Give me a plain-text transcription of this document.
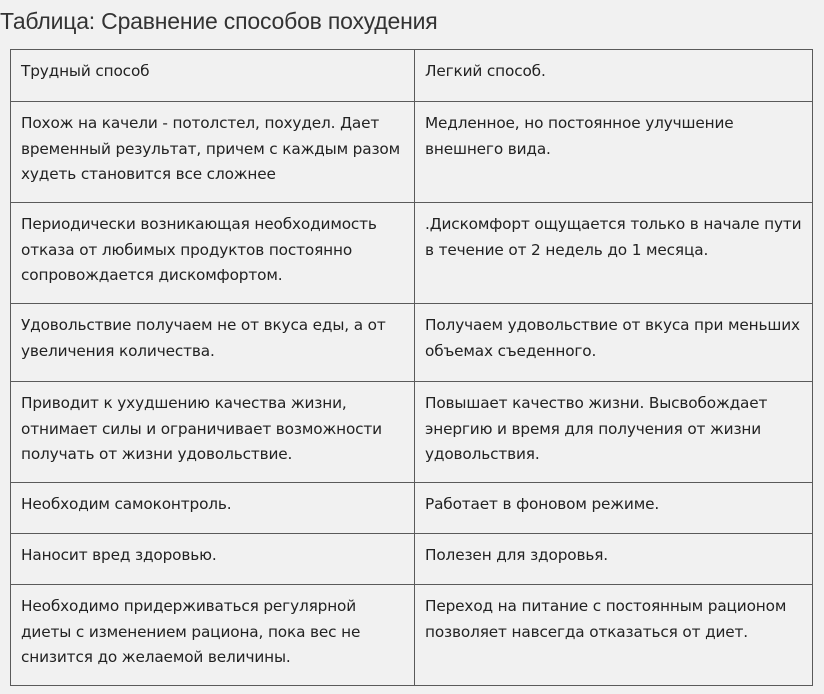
Таблица: Сравнение способов похудения
Трудный способ	Легкий способ.
Похож на качели - потолстел, похудел. Дает временный результат, причем с каждым разом худеть становится все сложнее	Медленное, но постоянное улучшение внешнего вида.
Периодически возникающая необходимость отказа от любимых продуктов постоянно сопровождается дискомфортом.	.Дискомфорт ощущается только в начале пути в течение от 2 недель до 1 месяца.
Удовольствие получаем не от вкуса еды, а от увеличения количества.	Получаем удовольствие от вкуса при меньших объемах съеденного.
Приводит к ухудшению качества жизни, отнимает силы и ограничивает возможности получать от жизни удовольствие.	Повышает качество жизни. Высвобождает энергию и время для получения от жизни удовольствия.
Необходим самоконтроль.	Работает в фоновом режиме.
Наносит вред здоровью.	Полезен для здоровья.
Необходимо придерживаться регулярной диеты с изменением рациона, пока вес не снизится до желаемой величины.	Переход на питание с постоянным рационом позволяет навсегда отказаться от диет.
